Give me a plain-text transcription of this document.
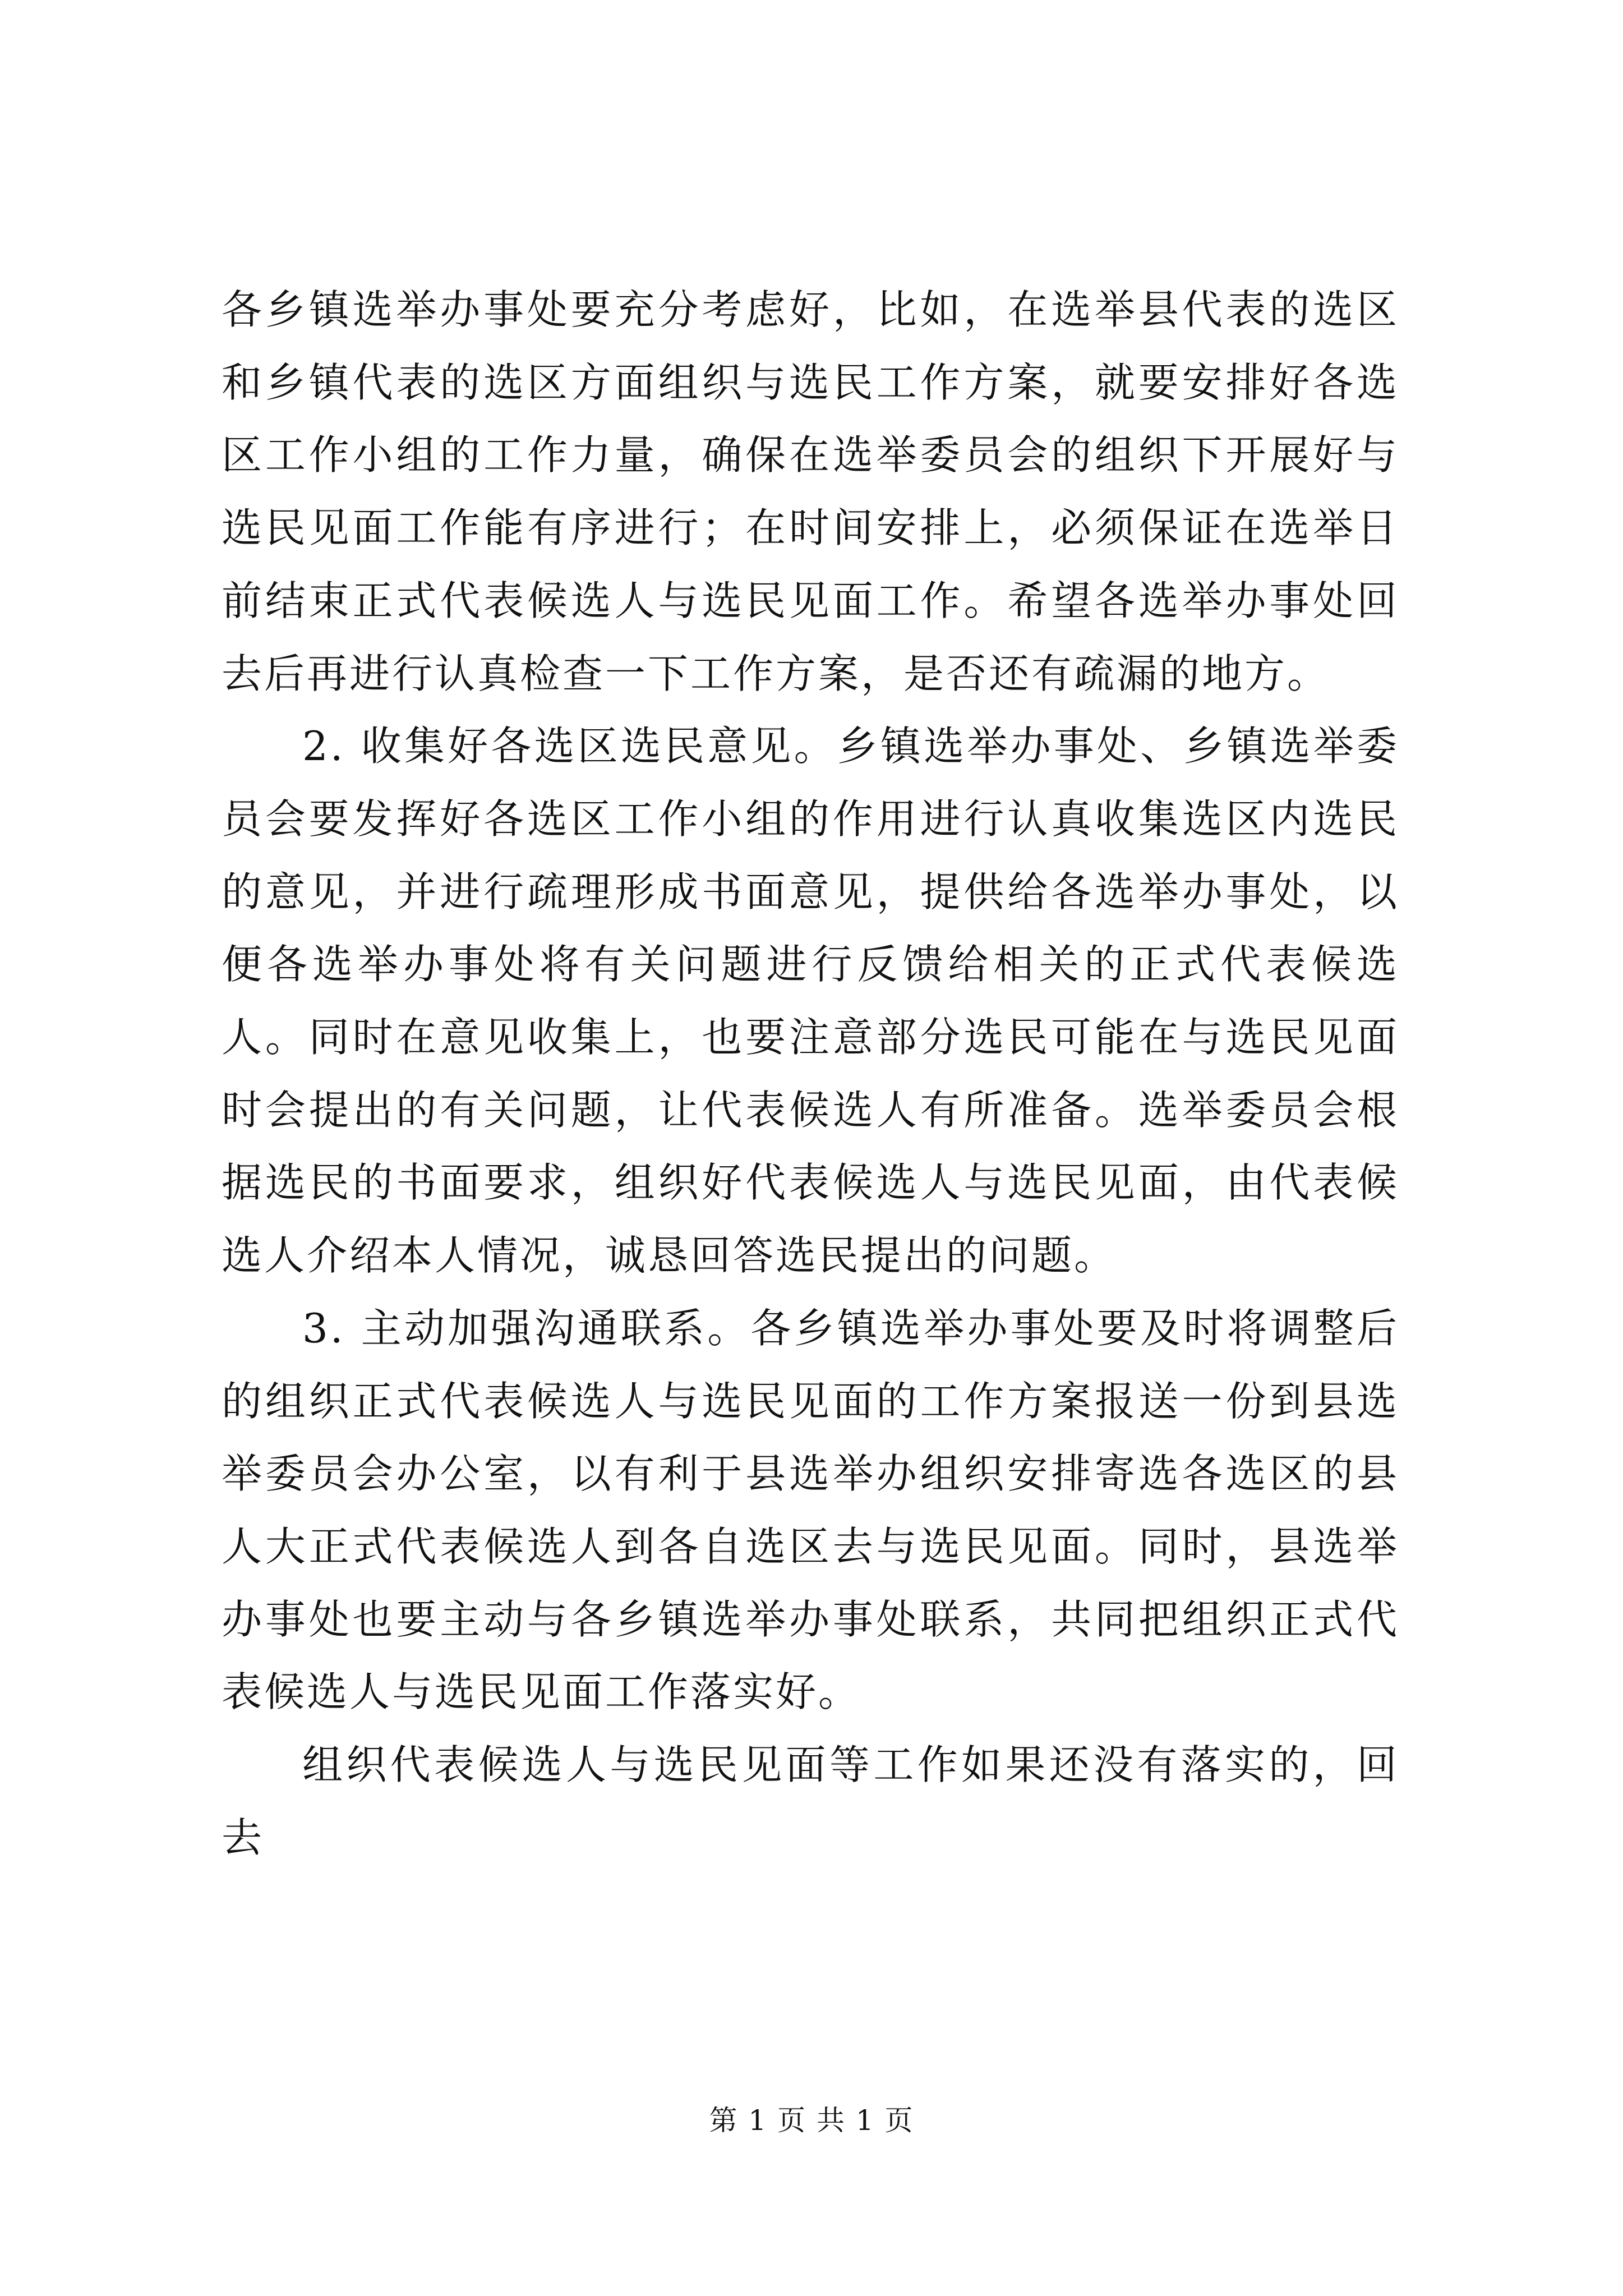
各乡镇选举办事处要充分考虑好，比如，在选举县代表的选区和乡镇代表的选区方面组织与选民工作方案，就要安排好各选区工作小组的工作力量，确保在选举委员会的组织下开展好与选民见面工作能有序进行；在时间安排上，必须保证在选举日前结束正式代表候选人与选民见面工作。希望各选举办事处回去后再进行认真检查一下工作方案，是否还有疏漏的地方。

2. 收集好各选区选民意见。乡镇选举办事处、乡镇选举委员会要发挥好各选区工作小组的作用进行认真收集选区内选民的意见，并进行疏理形成书面意见，提供给各选举办事处，以便各选举办事处将有关问题进行反馈给相关的正式代表候选人。同时在意见收集上，也要注意部分选民可能在与选民见面时会提出的有关问题，让代表候选人有所准备。选举委员会根据选民的书面要求，组织好代表候选人与选民见面，由代表候选人介绍本人情况，诚恳回答选民提出的问题。

3. 主动加强沟通联系。各乡镇选举办事处要及时将调整后的组织正式代表候选人与选民见面的工作方案报送一份到县选举委员会办公室，以有利于县选举办组织安排寄选各选区的县人大正式代表候选人到各自选区去与选民见面。同时，县选举办事处也要主动与各乡镇选举办事处联系，共同把组织正式代表候选人与选民见面工作落实好。

组织代表候选人与选民见面等工作如果还没有落实的，回去

第 1 页 共 1 页
